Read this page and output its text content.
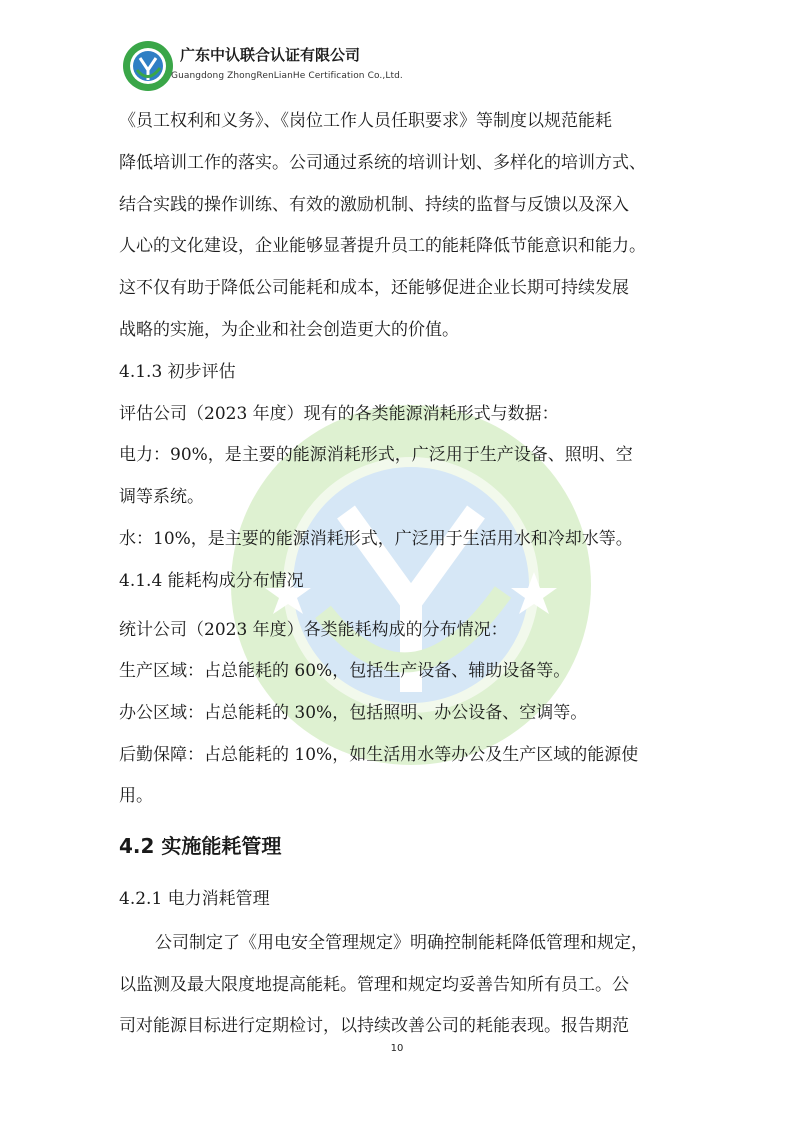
广东中认联合认证有限公司
Guangdong ZhongRenLianHe Certification Co.,Ltd.
《员工权利和义务》、《岗位工作人员任职要求》等制度以规范能耗
降低培训工作的落实。公司通过系统的培训计划、多样化的培训方式、
结合实践的操作训练、有效的激励机制、持续的监督与反馈以及深入
人心的文化建设，企业能够显著提升员工的能耗降低节能意识和能力。
这不仅有助于降低公司能耗和成本，还能够促进企业长期可持续发展
战略的实施，为企业和社会创造更大的价值。
4.1.3 初步评估
评估公司（2023 年度）现有的各类能源消耗形式与数据：
电力：90%，是主要的能源消耗形式，广泛用于生产设备、照明、空
调等系统。
水：10%，是主要的能源消耗形式，广泛用于生活用水和冷却水等。
4.1.4 能耗构成分布情况
统计公司（2023 年度）各类能耗构成的分布情况：
生产区域：占总能耗的 60%，包括生产设备、辅助设备等。
办公区域：占总能耗的 30%，包括照明、办公设备、空调等。
后勤保障：占总能耗的 10%，如生活用水等办公及生产区域的能源使
用。
4.2 实施能耗管理
4.2.1 电力消耗管理
公司制定了《用电安全管理规定》明确控制能耗降低管理和规定，
以监测及最大限度地提高能耗。管理和规定均妥善告知所有员工。公
司对能源目标进行定期检讨，以持续改善公司的耗能表现。报告期范
10
